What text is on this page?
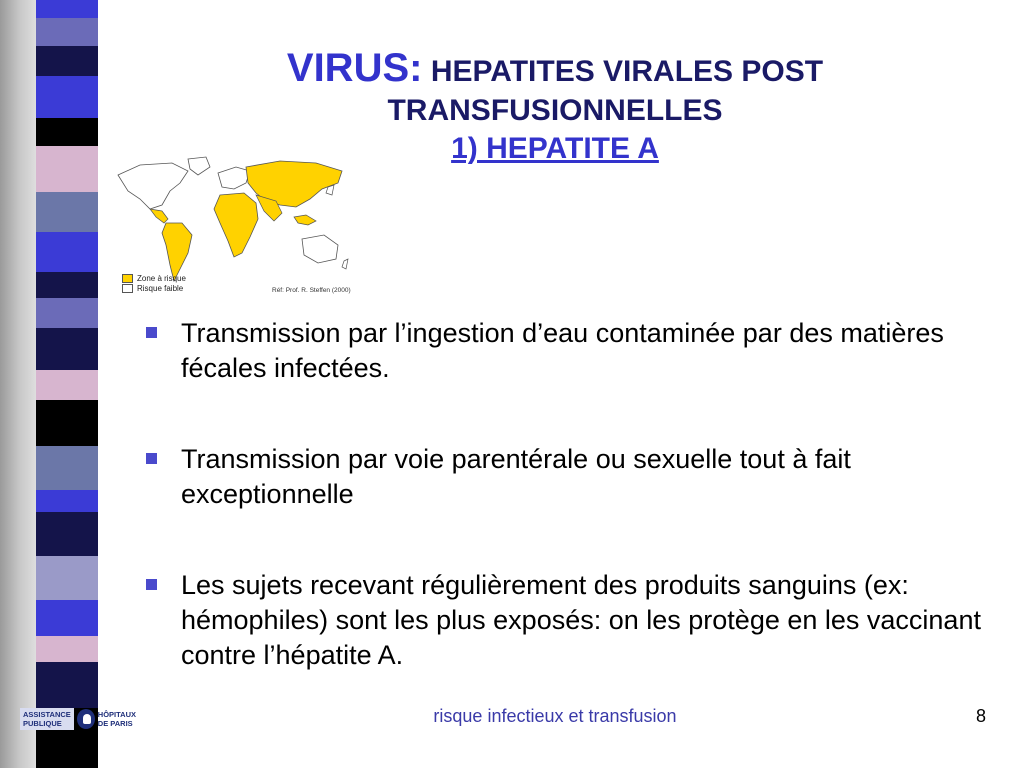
VIRUS: HEPATITES VIRALES POST
TRANSFUSIONNELLES
1) HEPATITE A
Zone à risque
Risque faible	Réf: Prof. R. Steffen (2000)
Transmission par l’ingestion d’eau contaminée par des matières fécales infectées.
Transmission par voie parentérale ou sexuelle tout à fait exceptionnelle
Les sujets recevant régulièrement des produits sanguins (ex: hémophiles) sont les plus exposés: on les protège en les vaccinant contre l’hépatite A.
ASSISTANCE
PUBLIQUE
HÔPITAUX
DE PARIS	risque infectieux et transfusion	8
